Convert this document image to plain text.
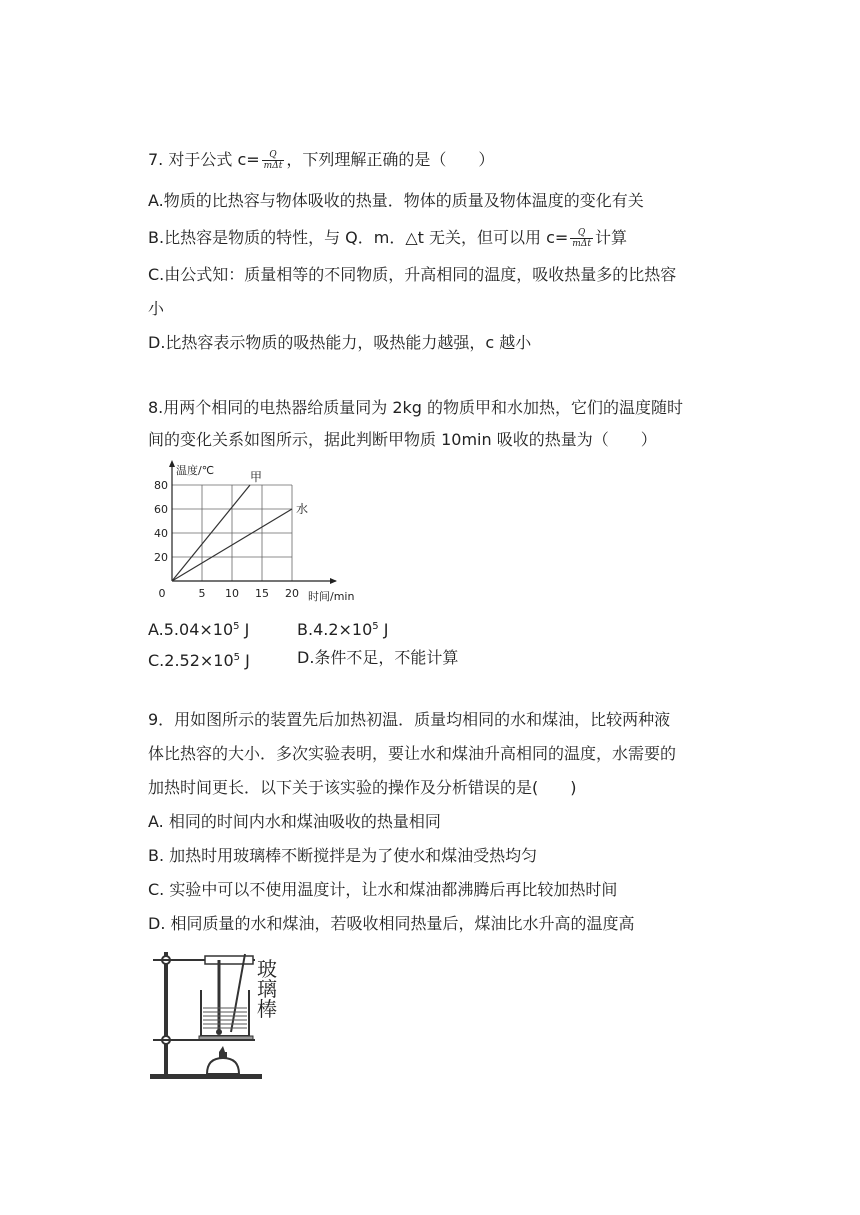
7. 对于公式 $c= \frac{Q}{\text{mΔt}}$ ，下列理解正确的是（　　）
A.物质的比热容与物体吸收的热量．物体的质量及物体温度的变化有关
B.比热容是物质的特性，与 Q．m．△t 无关，但可以用 $c= \frac{Q}{\text{mΔt}}$ 计算
C.由公式知：质量相等的不同物质，升高相同的温度，吸收热量多的比热容
小
D.比热容表示物质的吸热能力，吸热能力越强，c 越小
8.用两个相同的电热器给质量同为 2kg 的物质甲和水加热，它们的温度随时
间的变化关系如图所示，据此判断甲物质 10min 吸收的热量为（　　）
20
40
60
80
0	5 10 15 20
温度/℃
时间/min
甲
水
$A.5.04\times 10^5$ J	$B.4.2\times 10^5$ J
$C.2.52\times 10^5$ J	D.条件不足，不能计算
9．用如图所示的装置先后加热初温．质量均相同的水和煤油，比较两种液
体比热容的大小．多次实验表明，要让水和煤油升高相同的温度，水需要的
加热时间更长．以下关于该实验的操作及分析错误的是(　　)
A. 相同的时间内水和煤油吸收的热量相同
B. 加热时用玻璃棒不断搅拌是为了使水和煤油受热均匀
C. 实验中可以不使用温度计，让水和煤油都沸腾后再比较加热时间
D. 相同质量的水和煤油，若吸收相同热量后，煤油比水升高的温度高
玻
璃
棒
